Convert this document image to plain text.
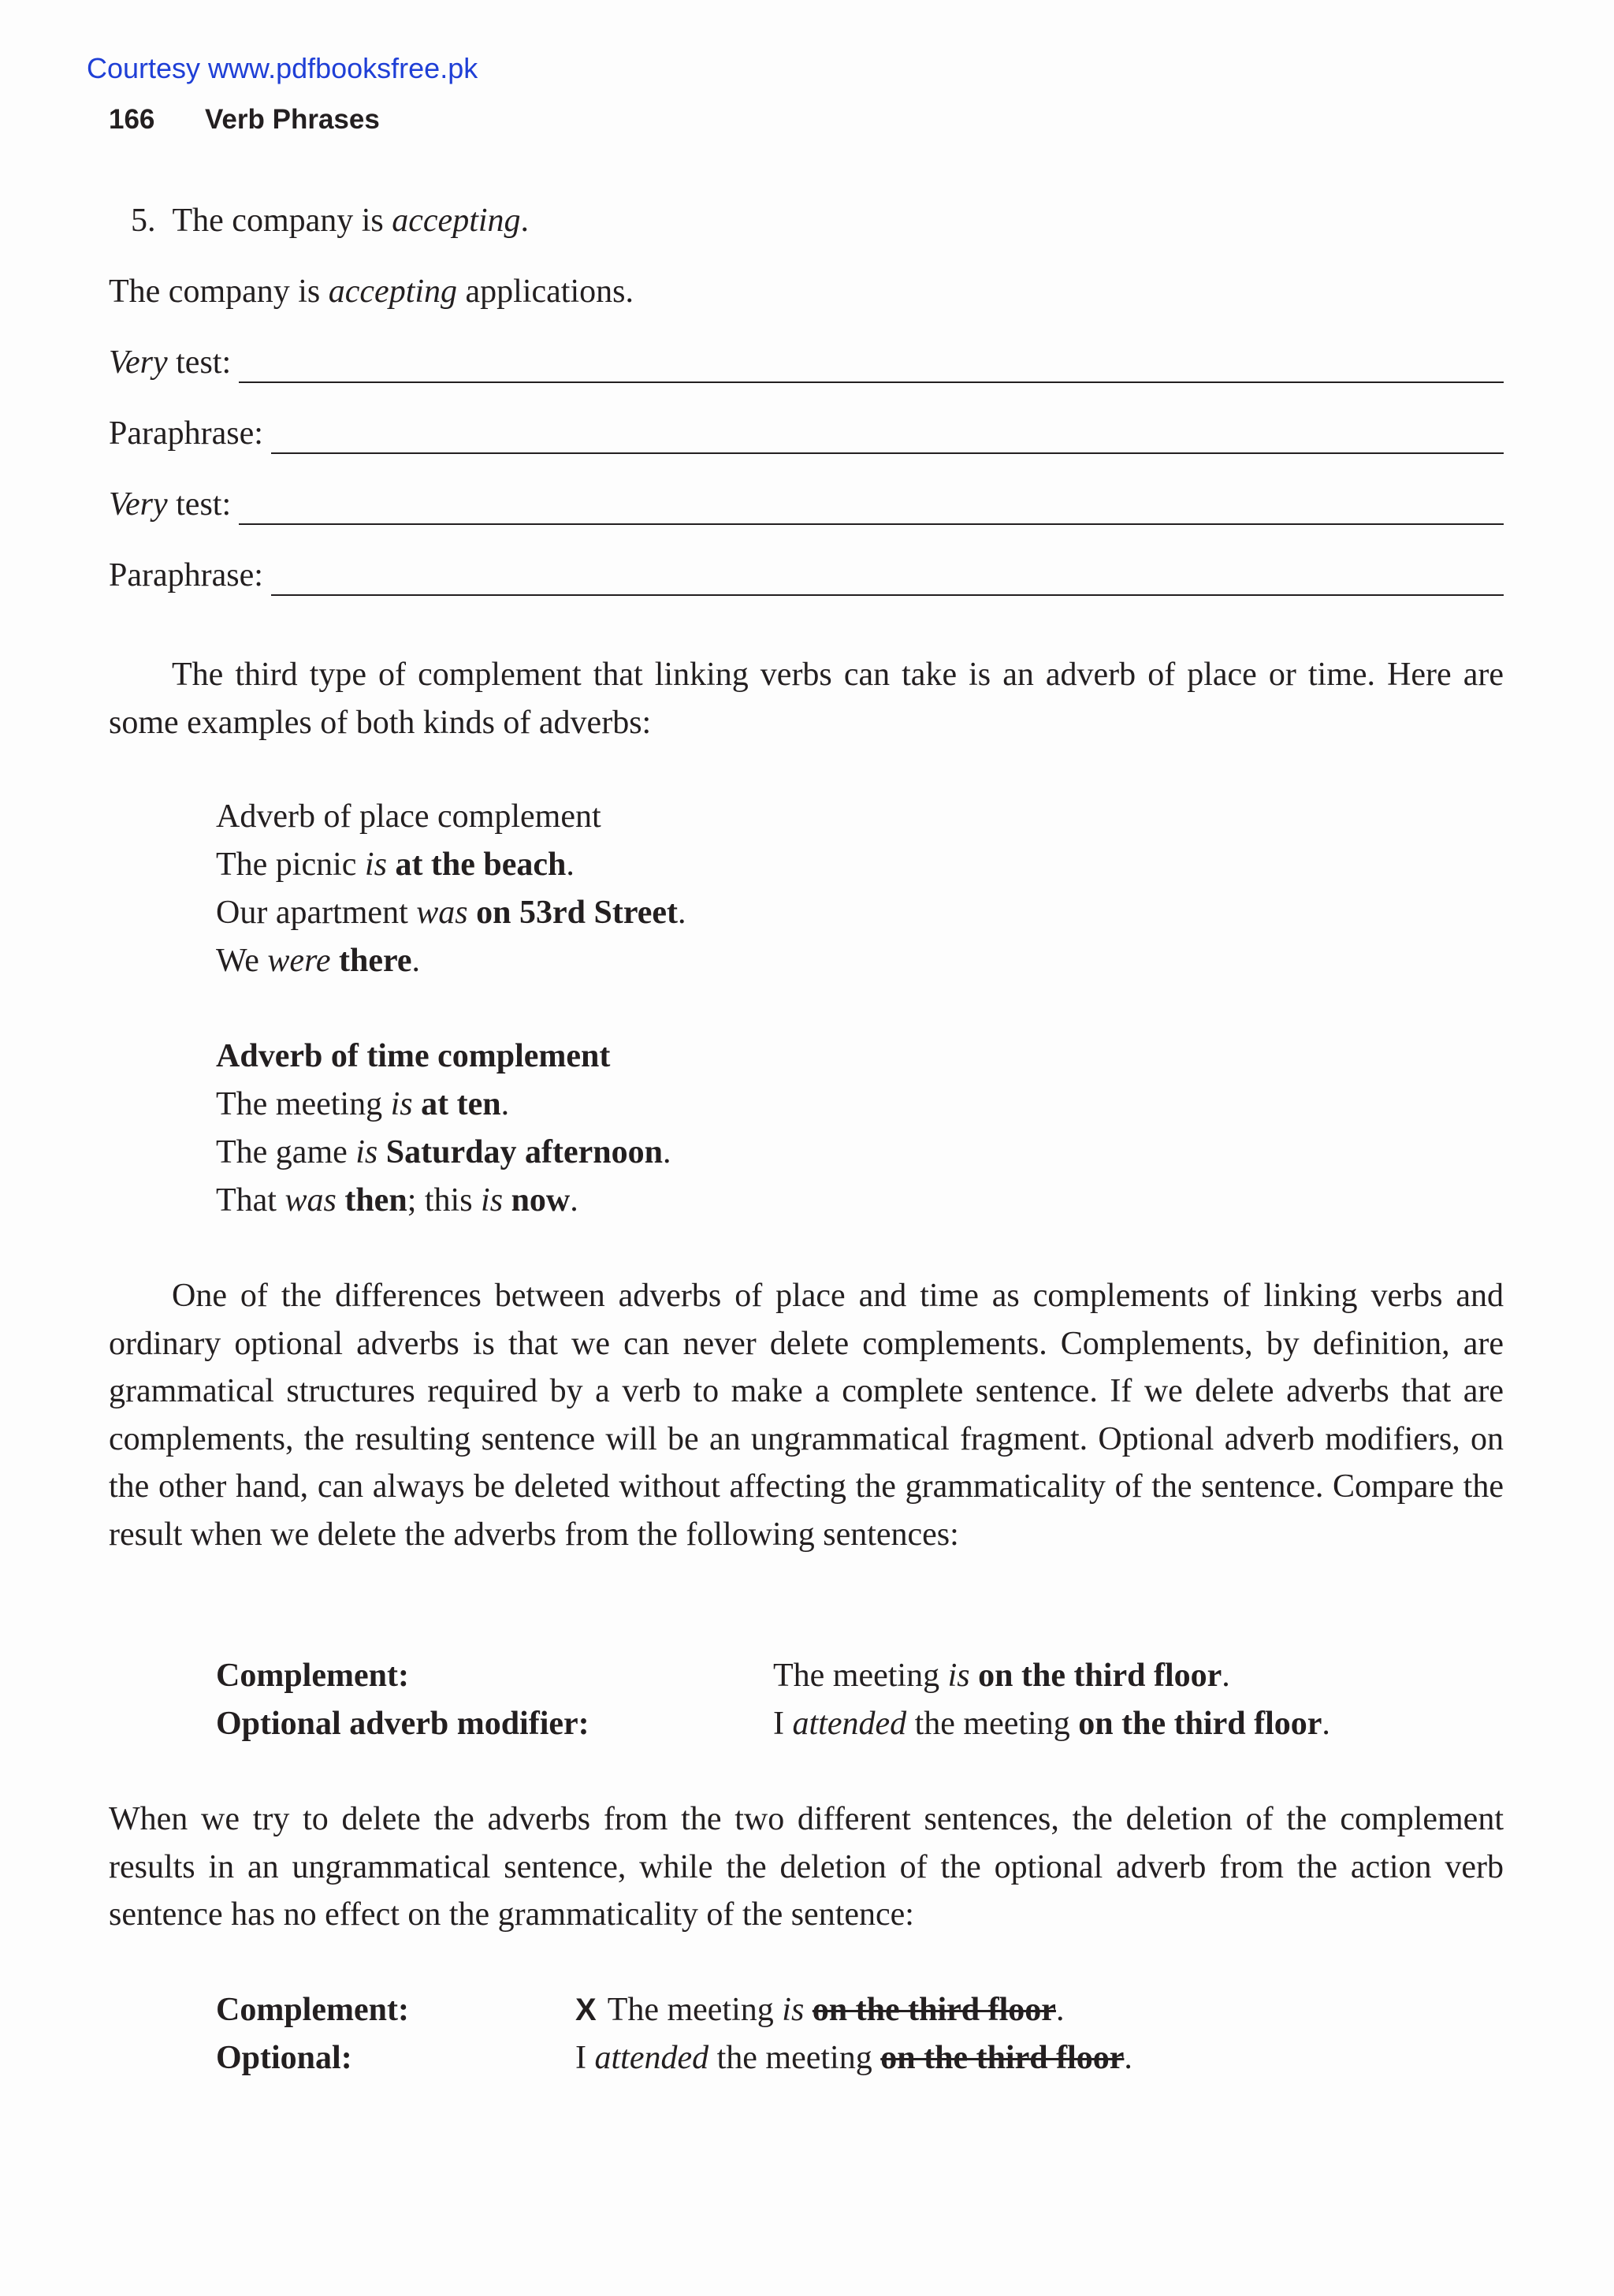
Courtesy www.pdfbooksfree.pk
166 Verb Phrases
5. The company is accepting.
The company is accepting applications.
Very test:
Paraphrase:
Very test:
Paraphrase:

The third type of complement that linking verbs can take is an adverb of place or time. Here are some examples of both kinds of adverbs:

Adverb of place complement
The picnic is at the beach.
Our apartment was on 53rd Street.
We were there.
Adverb of time complement
The meeting is at ten.
The game is Saturday afternoon.
That was then; this is now.

One of the differences between adverbs of place and time as complements of linking verbs and ordinary optional adverbs is that we can never delete complements. Complements, by definition, are grammatical structures required by a verb to make a complete sentence. If we delete adverbs that are complements, the resulting sentence will be an ungrammatical fragment. Optional adverb modifiers, on the other hand, can always be deleted without affecting the grammaticality of the sentence. Compare the result when we delete the adverbs from the following sentences:

Complement:	The meeting is on the third floor.
Optional adverb modifier:	I attended the meeting on the third floor.

When we try to delete the adverbs from the two different sentences, the deletion of the complement results in an ungrammatical sentence, while the deletion of the optional adverb from the action verb sentence has no effect on the grammaticality of the sentence:

Complement:	X The meeting is on the third floor.
Optional:	I attended the meeting on the third floor.
